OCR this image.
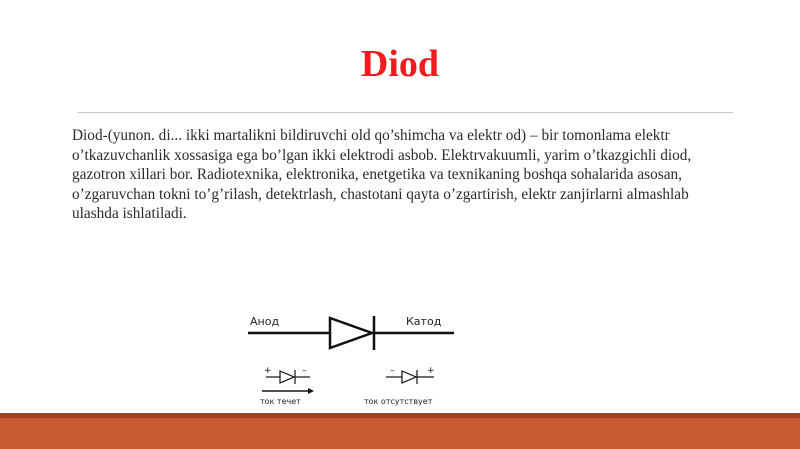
Diod
Diod-(yunon. di... ikki martalikni bildiruvchi old qo’shimcha va elektr od) – bir tomonlama elektr o’tkazuvchanlik xossasiga ega bo’lgan ikki elektrodi asbob. Elektrvakuumli, yarim o’tkazgichli diod, gazotron xillari bor. Radiotexnika, elektronika, enetgetika va texnikaning boshqa sohalarida asosan, o’zgaruvchan tokni to’g’rilash, detektrlash, chastotani qayta o’zgartirish, elektr zanjirlarni almashlab ulashda ishlatiladi.
+	–	–	+
Анод	Катод
ток течет	ток отсутствует
